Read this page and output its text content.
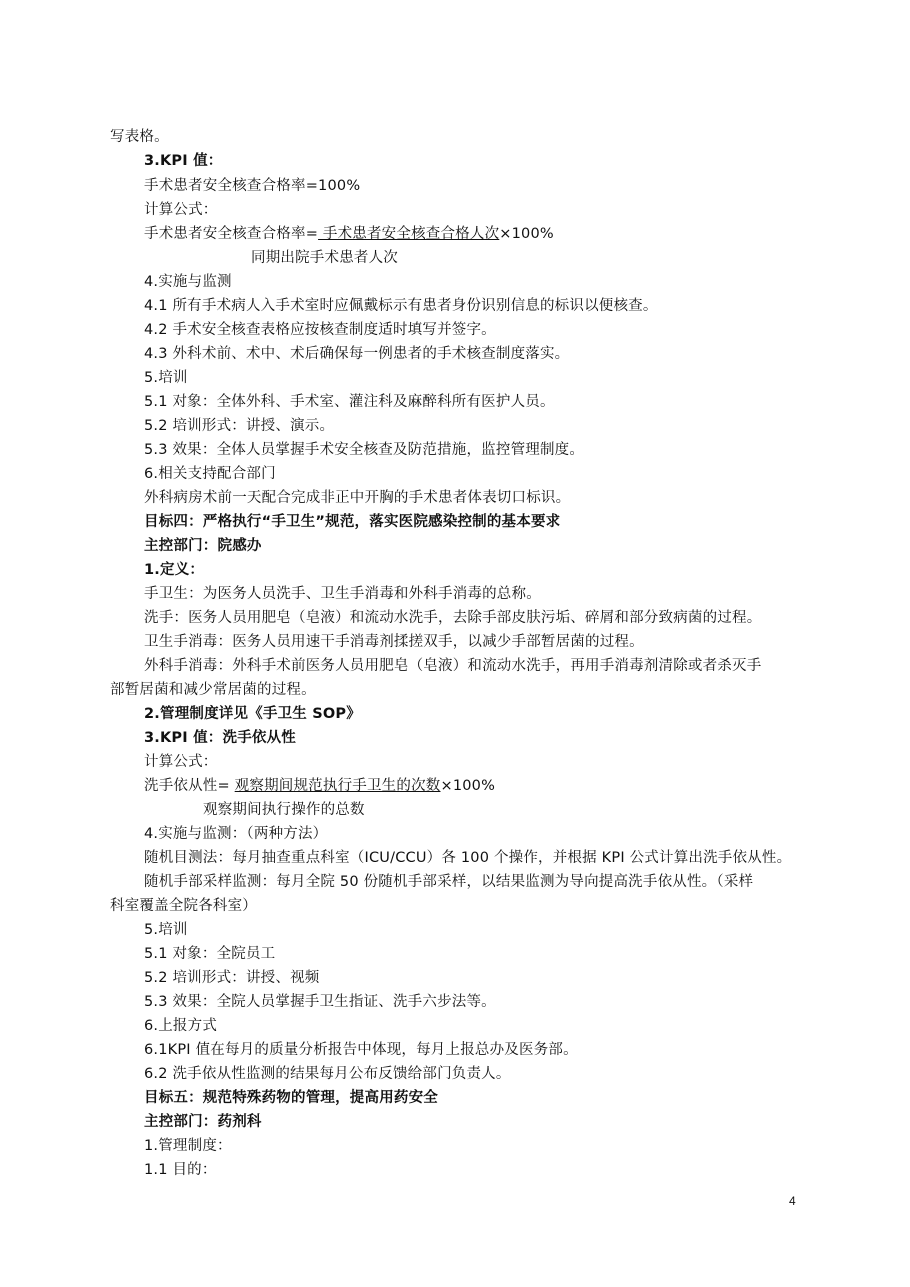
4
写表格。
3.KPI 值：
手术患者安全核查合格率=100%
计算公式：
手术患者安全核查合格率= 手术患者安全核查合格人次×100%
同期出院手术患者人次
4.实施与监测
4.1 所有手术病人入手术室时应佩戴标示有患者身份识别信息的标识以便核查。
4.2 手术安全核查表格应按核查制度适时填写并签字。
4.3 外科术前、术中、术后确保每一例患者的手术核查制度落实。
5.培训
5.1 对象：全体外科、手术室、灌注科及麻醉科所有医护人员。
5.2 培训形式：讲授、演示。
5.3 效果：全体人员掌握手术安全核查及防范措施，监控管理制度。
6.相关支持配合部门
外科病房术前一天配合完成非正中开胸的手术患者体表切口标识。
目标四：严格执行“手卫生”规范，落实医院感染控制的基本要求
主控部门：院感办
1.定义：
手卫生：为医务人员洗手、卫生手消毒和外科手消毒的总称。
洗手：医务人员用肥皂（皂液）和流动水洗手，去除手部皮肤污垢、碎屑和部分致病菌的过程。
卫生手消毒：医务人员用速干手消毒剂揉搓双手，以减少手部暂居菌的过程。
外科手消毒：外科手术前医务人员用肥皂（皂液）和流动水洗手，再用手消毒剂清除或者杀灭手
部暂居菌和减少常居菌的过程。
2.管理制度详见《手卫生 SOP》
3.KPI 值：洗手依从性
计算公式：
洗手依从性= 观察期间规范执行手卫生的次数×100%
观察期间执行操作的总数
4.实施与监测：（两种方法）
随机目测法：每月抽查重点科室（ICU/CCU）各 100 个操作，并根据 KPI 公式计算出洗手依从性。
随机手部采样监测：每月全院 50 份随机手部采样，以结果监测为导向提高洗手依从性。（采样
科室覆盖全院各科室）
5.培训
5.1 对象：全院员工
5.2 培训形式：讲授、视频
5.3 效果：全院人员掌握手卫生指证、洗手六步法等。
6.上报方式
6.1KPI 值在每月的质量分析报告中体现，每月上报总办及医务部。
6.2 洗手依从性监测的结果每月公布反馈给部门负责人。
目标五：规范特殊药物的管理，提高用药安全
主控部门：药剂科
1.管理制度：
1.1 目的：
